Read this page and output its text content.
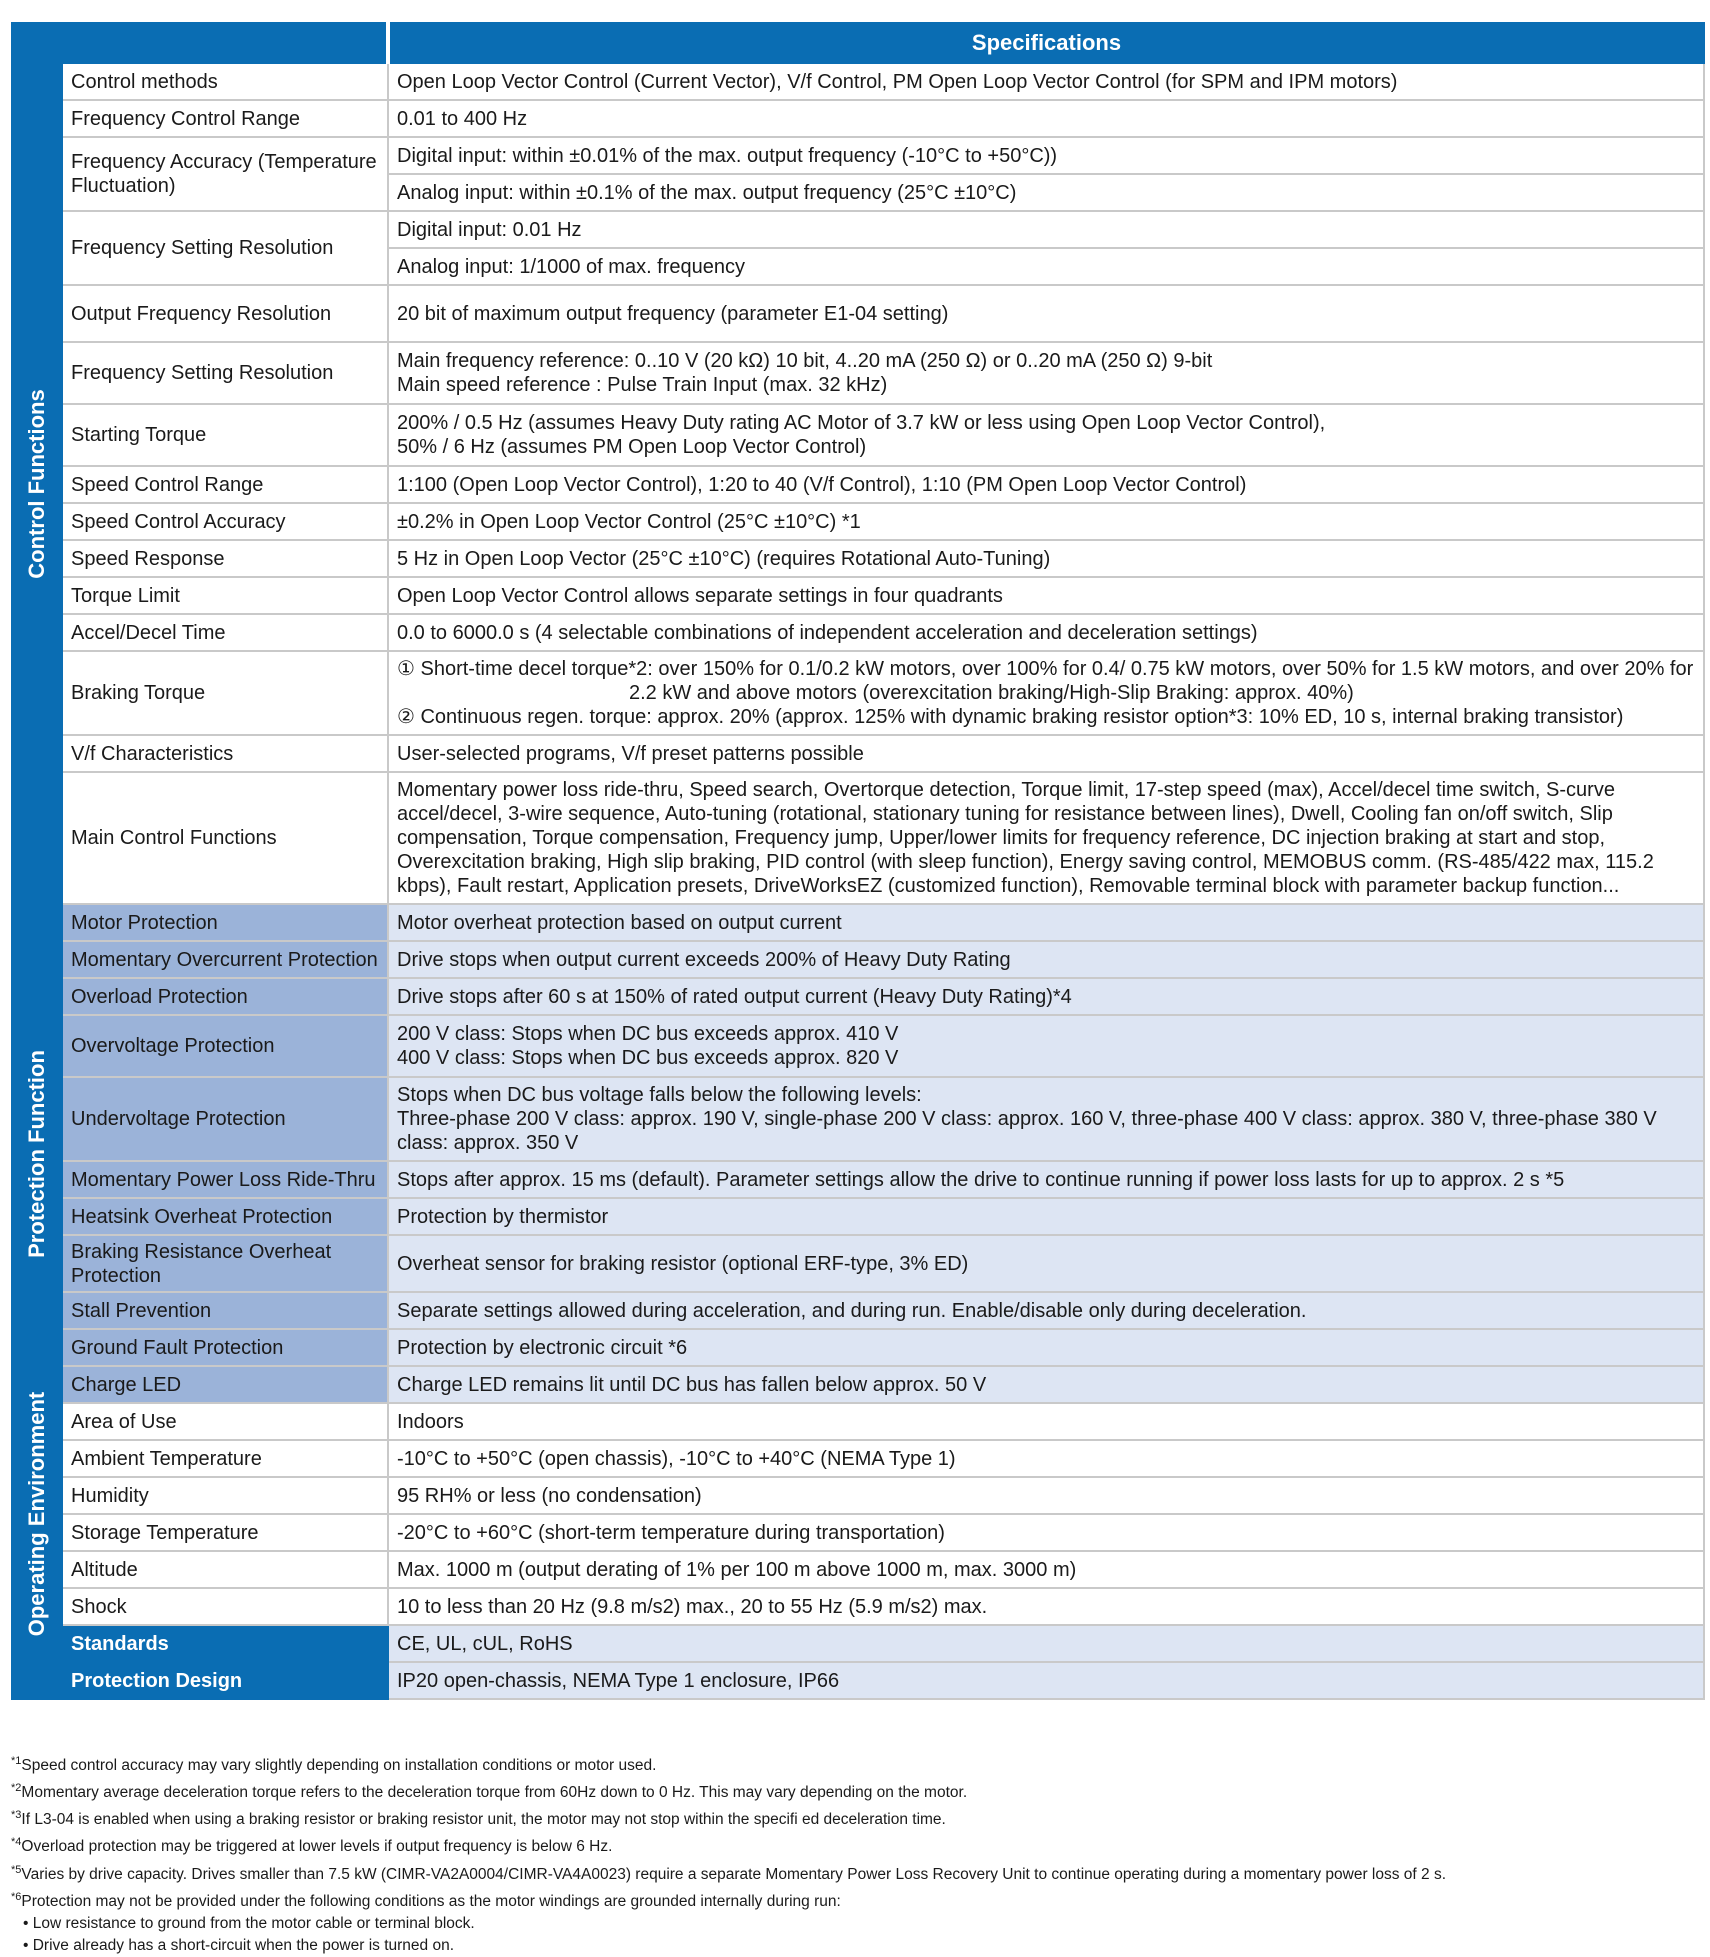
		Specifications

Control Functions	Control methods	Open Loop Vector Control (Current Vector), V/f Control, PM Open Loop Vector Control (for SPM and IPM motors)
	Frequency Control Range	0.01 to 400 Hz
	Frequency Accuracy (Temperature Fluctuation)	Digital input: within ±0.01% of the max. output frequency (-10°C to +50°C))
		Analog input: within ±0.1% of the max. output frequency (25°C ±10°C)
	Frequency Setting Resolution	Digital input: 0.01 Hz
		Analog input: 1/1000 of max. frequency
	Output Frequency Resolution	20 bit of maximum output frequency (parameter E1-04 setting)
	Frequency Setting Resolution	Main frequency reference: 0..10 V (20 kΩ) 10 bit, 4..20 mA (250 Ω) or 0..20 mA (250 Ω) 9-bit
Main speed reference : Pulse Train Input (max. 32 kHz)
	Starting Torque	200% / 0.5 Hz (assumes Heavy Duty rating AC Motor of 3.7 kW or less using Open Loop Vector Control),
50% / 6 Hz (assumes PM Open Loop Vector Control)
	Speed Control Range	1:100 (Open Loop Vector Control), 1:20 to 40 (V/f Control), 1:10 (PM Open Loop Vector Control)
	Speed Control Accuracy	±0.2% in Open Loop Vector Control (25°C ±10°C) *1
	Speed Response	5 Hz in Open Loop Vector (25°C ±10°C) (requires Rotational Auto-Tuning)
	Torque Limit	Open Loop Vector Control allows separate settings in four quadrants
	Accel/Decel Time	0.0 to 6000.0 s (4 selectable combinations of independent acceleration and deceleration settings)
	Braking Torque	① Short-time decel torque*2: over 150% for 0.1/0.2 kW motors, over 100% for 0.4/ 0.75 kW motors, over 50% for 1.5 kW motors, and over 20% for
2.2 kW and above motors (overexcitation braking/High-Slip Braking: approx. 40%)
② Continuous regen. torque: approx. 20% (approx. 125% with dynamic braking resistor option*3: 10% ED, 10 s, internal braking transistor)

	V/f Characteristics	User-selected programs, V/f preset patterns possible
	Main Control Functions	Momentary power loss ride-thru, Speed search, Overtorque detection, Torque limit, 17-step speed (max), Accel/decel time switch, S-curve accel/decel, 3-wire sequence, Auto-tuning (rotational, stationary tuning for resistance between lines), Dwell, Cooling fan on/off switch, Slip compensation, Torque compensation, Frequency jump, Upper/lower limits for frequency reference, DC injection braking at start and stop, Overexcitation braking, High slip braking, PID control (with sleep function), Energy saving control, MEMOBUS comm. (RS-485/422 max, 115.2 kbps), Fault restart, Application presets, DriveWorksEZ (customized function), Removable terminal block with parameter backup function...

Protection Function	Motor Protection	Motor overheat protection based on output current
	Momentary Overcurrent Protection	Drive stops when output current exceeds 200% of Heavy Duty Rating
	Overload Protection	Drive stops after 60 s at 150% of rated output current (Heavy Duty Rating)*4
	Overvoltage Protection	200 V class: Stops when DC bus exceeds approx. 410 V
400 V class: Stops when DC bus exceeds approx. 820 V
	Undervoltage Protection	Stops when DC bus voltage falls below the following levels:
Three-phase 200 V class: approx. 190 V, single-phase 200 V class: approx. 160 V, three-phase 400 V class: approx. 380 V, three-phase 380 V class: approx. 350 V
	Momentary Power Loss Ride-Thru	Stops after approx. 15 ms (default). Parameter settings allow the drive to continue running if power loss lasts for up to approx. 2 s *5
	Heatsink Overheat Protection	Protection by thermistor
	Braking Resistance Overheat Protection	Overheat sensor for braking resistor (optional ERF-type, 3% ED)
	Stall Prevention	Separate settings allowed during acceleration, and during run. Enable/disable only during deceleration.
	Ground Fault Protection	Protection by electronic circuit *6
	Charge LED	Charge LED remains lit until DC bus has fallen below approx. 50 V

Operating Environment	Area of Use	Indoors
	Ambient Temperature	-10°C to +50°C (open chassis), -10°C to +40°C (NEMA Type 1)
	Humidity	95 RH% or less (no condensation)
	Storage Temperature	-20°C to +60°C (short-term temperature during transportation)
	Altitude	Max. 1000 m (output derating of 1% per 100 m above 1000 m, max. 3000 m)
	Shock	10 to less than 20 Hz (9.8 m/s2) max., 20 to 55 Hz (5.9 m/s2) max.
Standards		CE, UL, cUL, RoHS
Protection Design		IP20 open-chassis, NEMA Type 1 enclosure, IP66
$^{*1}$Speed control accuracy may vary slightly depending on installation conditions or motor used.
$^{*2}$Momentary average deceleration torque refers to the deceleration torque from 60Hz down to 0 Hz. This may vary depending on the motor.
$^{*3}$If L3-04 is enabled when using a braking resistor or braking resistor unit, the motor may not stop within the specifi ed deceleration time.
$^{*4}$Overload protection may be triggered at lower levels if output frequency is below 6 Hz.
$^{*5}$Varies by drive capacity. Drives smaller than 7.5 kW (CIMR-VA2A0004/CIMR-VA4A0023) require a separate Momentary Power Loss Recovery Unit to continue operating during a momentary power loss of 2 s.
$^{*6}$Protection may not be provided under the following conditions as the motor windings are grounded internally during run:
• Low resistance to ground from the motor cable or terminal block.
• Drive already has a short-circuit when the power is turned on.
